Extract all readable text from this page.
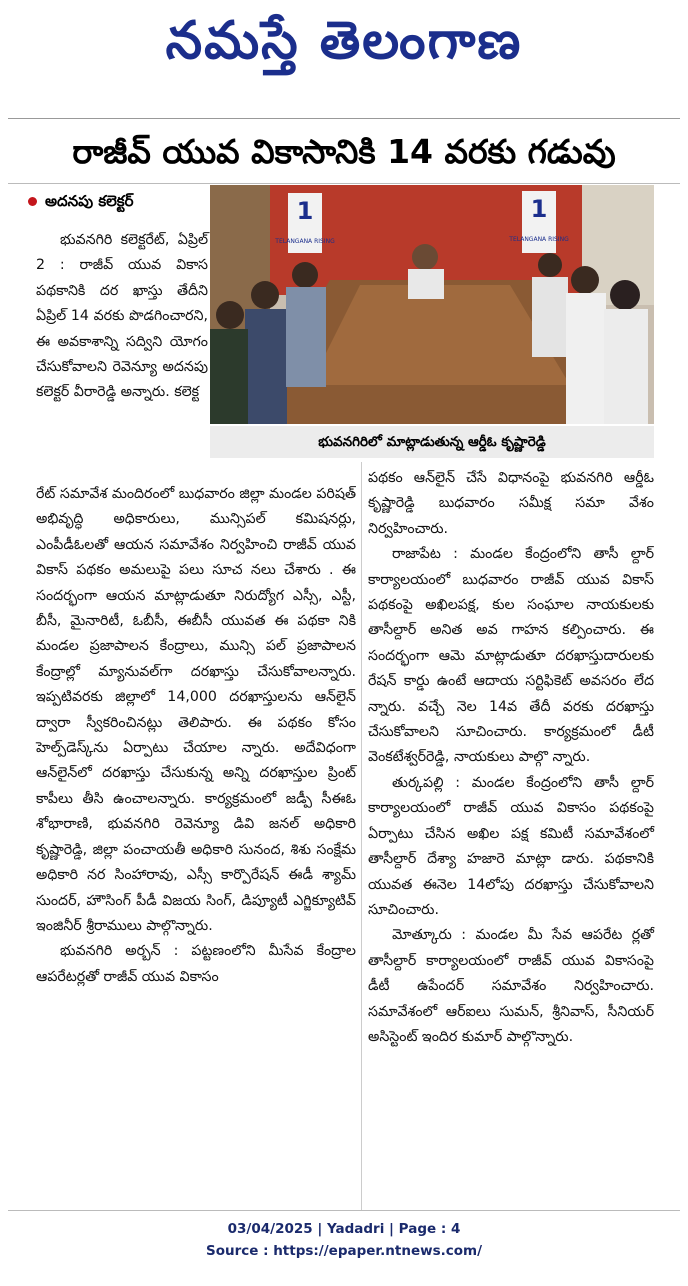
నమస్తే తెలంగాణ
రాజీవ్ యువ వికాసానికి 14 వరకు గడువు
అదనపు కలెక్టర్

భువనగిరి కలెక్టరేట్, ఏప్రిల్ 2 : రాజీవ్ యువ వికాస పథకానికి దర ఖాస్తు తేదీని ఏప్రిల్ 14 వరకు పొడగించారని, ఈ అవకాశాన్ని సద్విని యోగం చేసుకోవాలని రెవెన్యూ అదనపు కలెక్టర్ వీరారెడ్డి అన్నారు. కలెక్ట

1
TELANGANA RISING
1
TELANGANA RISING
భువనగిరిలో మాట్లాడుతున్న ఆర్డీఓ కృష్ణారెడ్డి

రేట్ సమావేశ మందిరంలో బుధవారం జిల్లా మండల పరిషత్ అభివృద్ధి అధికారులు, మున్సిపల్ కమిషనర్లు, ఎంపీడీఓలతో ఆయన సమావేశం నిర్వహించి రాజీవ్ యువ వికాస్ పథకం అమలుపై పలు సూచ నలు చేశారు . ఈ సందర్భంగా ఆయన మాట్లాడుతూ నిరుద్యోగ ఎస్సీ, ఎస్టీ, బీసీ, మైనారిటీ, ఓబీసీ, ఈబీసీ యువత ఈ పథకా నికి మండల ప్రజాపాలన కేంద్రాలు, మున్సి పల్ ప్రజాపాలన కేంద్రాల్లో మ్యానువల్‌గా దరఖాస్తు చేసుకోవాలన్నారు. ఇప్పటివరకు జిల్లాలో 14,000 దరఖాస్తులను ఆన్‌లైన్ ద్వారా స్వీకరించినట్లు తెలిపారు. ఈ పథకం కోసం హెల్ప్‌డెస్క్‌ను ఏర్పాటు చేయాల న్నారు. అదేవిధంగా ఆన్‌లైన్‌లో దరఖాస్తు చేసుకున్న అన్ని దరఖాస్తుల ప్రింట్ కాపీలు తీసి ఉంచాలన్నారు. కార్యక్రమంలో జడ్పీ సీఈఓ శోభారాణి, భువనగిరి రెవెన్యూ డివి జనల్ అధికారి కృష్ణారెడ్డి, జిల్లా పంచాయతీ అధికారి సునంద, శిశు సంక్షేమ అధికారి నర సింహారావు, ఎస్సీ కార్పొరేషన్ ఈడీ శ్యామ్ సుందర్, హౌసింగ్ పీడీ విజయ సింగ్, డిప్యూటీ ఎగ్జిక్యూటివ్ ఇంజినీర్ శ్రీరాములు పాల్గొన్నారు.

భువనగిరి అర్బన్ : పట్టణంలోని మీసేవ కేంద్రాల ఆపరేటర్లతో రాజీవ్ యువ వికాసం

పథకం ఆన్‌లైన్ చేసే విధానంపై భువనగిరి ఆర్డీఓ కృష్ణారెడ్డి బుధవారం సమీక్ష సమా వేశం నిర్వహించారు.

రాజాపేట : మండల కేంద్రంలోని తాసీ ల్దార్ కార్యాలయంలో బుధవారం రాజీవ్ యువ వికాస్ పథకంపై అఖిలపక్ష, కుల సంఘాల నాయకులకు తాసీల్దార్ అనిత అవ గాహన కల్పించారు. ఈ సందర్భంగా ఆమె మాట్లాడుతూ దరఖాస్తుదారులకు రేషన్ కార్డు ఉంటే ఆదాయ సర్టిఫికెట్ అవసరం లేద న్నారు. వచ్చే నెల 14వ తేదీ వరకు దరఖాస్తు చేసుకోవాలని సూచించారు. కార్యక్రమంలో డీటీ వెంకటేశ్వర్‌రెడ్డి, నాయకులు పాల్గొ న్నారు.

తుర్కపల్లి : మండల కేంద్రంలోని తాసీ ల్దార్ కార్యాలయంలో రాజీవ్ యువ వికాసం పథకంపై ఏర్పాటు చేసిన అఖిల పక్ష కమిటీ సమావేశంలో తాసీల్దార్ దేశ్యా హజారె మాట్లా డారు. పథకానికి యువత ఈనెల 14లోపు దరఖాస్తు చేసుకోవాలని సూచించారు.

మోత్కూరు : మండల మీ సేవ ఆపరేట ర్లతో తాసీల్దార్ కార్యాలయంలో రాజీవ్ యువ వికాసంపై డీటీ ఉపేందర్ సమావేశం నిర్వహించారు. సమావేశంలో ఆర్ఐలు సుమన్, శ్రీనివాస్, సీనియర్ అసిస్టెంట్ ఇందిర కుమార్ పాల్గొన్నారు.

03/04/2025 | Yadadri | Page : 4
Source : https://epaper.ntnews.com/
